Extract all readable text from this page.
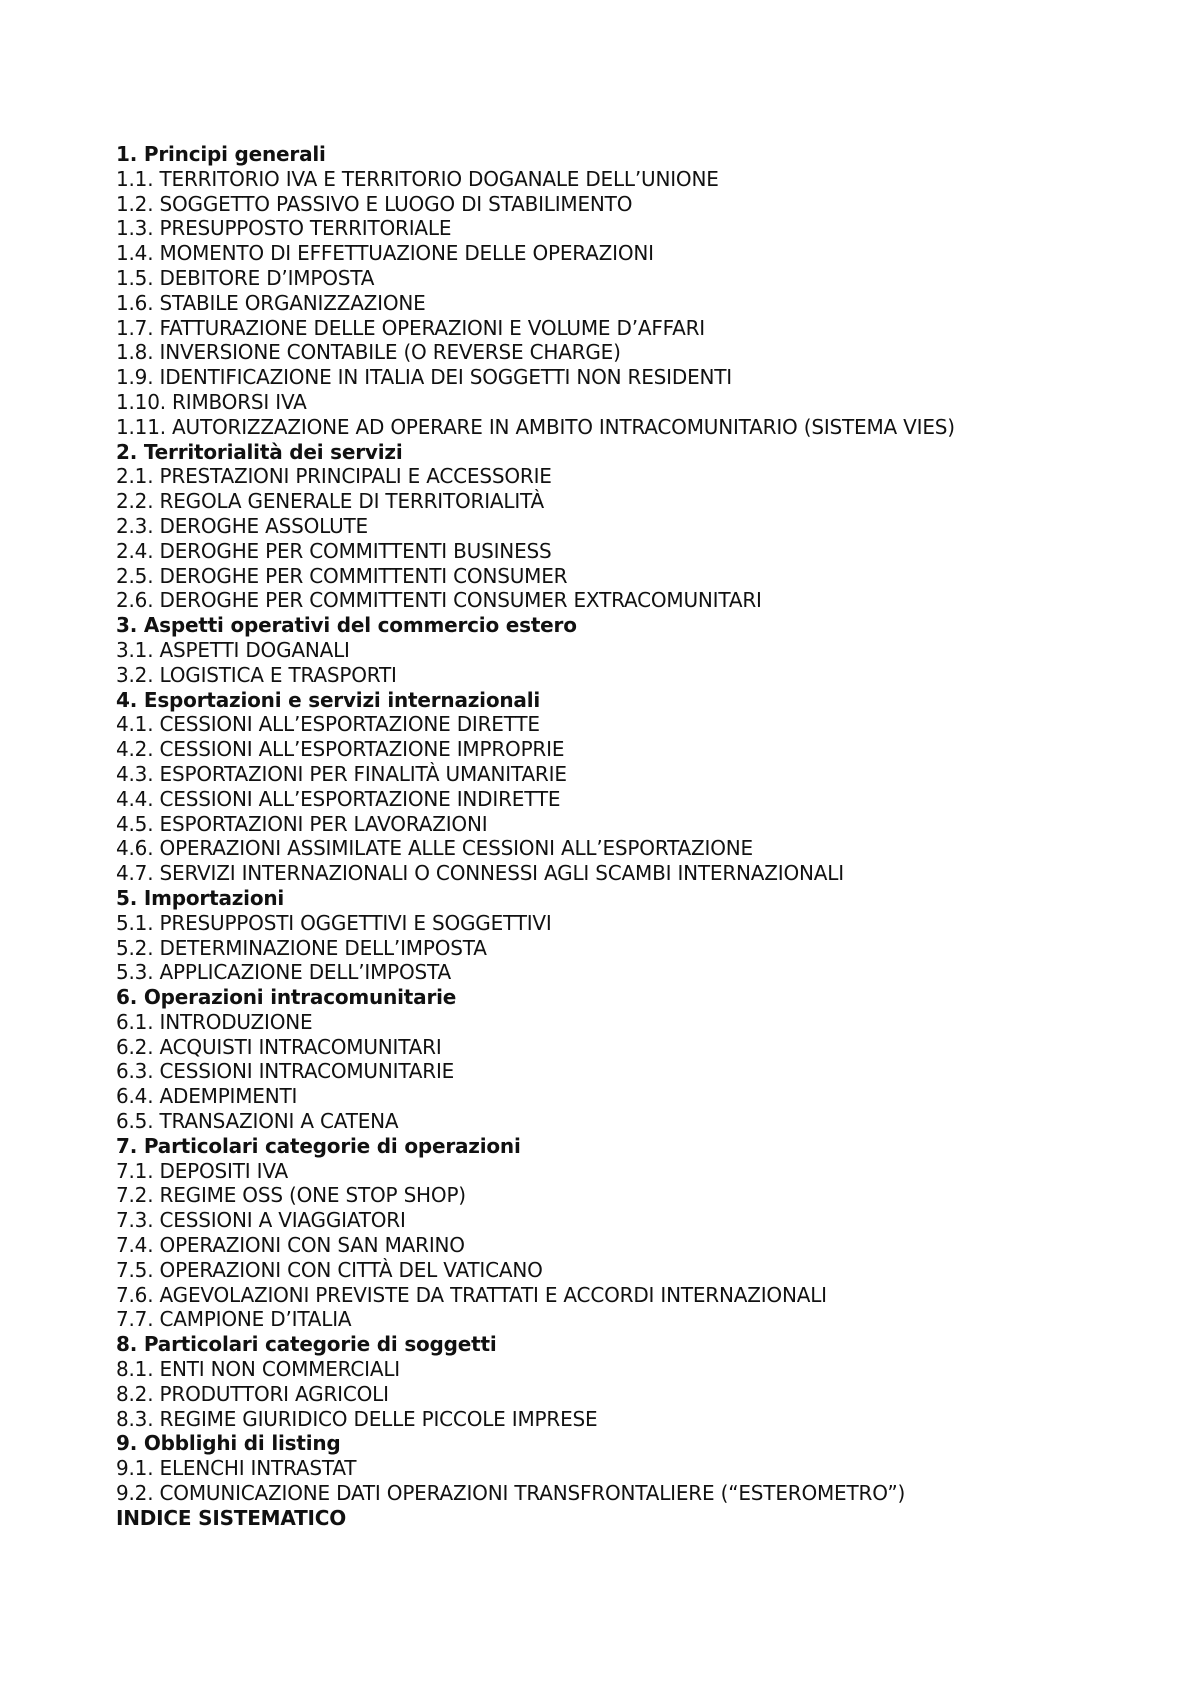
1. Principi generali
1.1. TERRITORIO IVA E TERRITORIO DOGANALE DELL’UNIONE
1.2. SOGGETTO PASSIVO E LUOGO DI STABILIMENTO
1.3. PRESUPPOSTO TERRITORIALE
1.4. MOMENTO DI EFFETTUAZIONE DELLE OPERAZIONI
1.5. DEBITORE D’IMPOSTA
1.6. STABILE ORGANIZZAZIONE
1.7. FATTURAZIONE DELLE OPERAZIONI E VOLUME D’AFFARI
1.8. INVERSIONE CONTABILE (O REVERSE CHARGE)
1.9. IDENTIFICAZIONE IN ITALIA DEI SOGGETTI NON RESIDENTI
1.10. RIMBORSI IVA
1.11. AUTORIZZAZIONE AD OPERARE IN AMBITO INTRACOMUNITARIO (SISTEMA VIES)
2. Territorialità dei servizi
2.1. PRESTAZIONI PRINCIPALI E ACCESSORIE
2.2. REGOLA GENERALE DI TERRITORIALITÀ
2.3. DEROGHE ASSOLUTE
2.4. DEROGHE PER COMMITTENTI BUSINESS
2.5. DEROGHE PER COMMITTENTI CONSUMER
2.6. DEROGHE PER COMMITTENTI CONSUMER EXTRACOMUNITARI
3. Aspetti operativi del commercio estero
3.1. ASPETTI DOGANALI
3.2. LOGISTICA E TRASPORTI
4. Esportazioni e servizi internazionali
4.1. CESSIONI ALL’ESPORTAZIONE DIRETTE
4.2. CESSIONI ALL’ESPORTAZIONE IMPROPRIE
4.3. ESPORTAZIONI PER FINALITÀ UMANITARIE
4.4. CESSIONI ALL’ESPORTAZIONE INDIRETTE
4.5. ESPORTAZIONI PER LAVORAZIONI
4.6. OPERAZIONI ASSIMILATE ALLE CESSIONI ALL’ESPORTAZIONE
4.7. SERVIZI INTERNAZIONALI O CONNESSI AGLI SCAMBI INTERNAZIONALI
5. Importazioni
5.1. PRESUPPOSTI OGGETTIVI E SOGGETTIVI
5.2. DETERMINAZIONE DELL’IMPOSTA
5.3. APPLICAZIONE DELL’IMPOSTA
6. Operazioni intracomunitarie
6.1. INTRODUZIONE
6.2. ACQUISTI INTRACOMUNITARI
6.3. CESSIONI INTRACOMUNITARIE
6.4. ADEMPIMENTI
6.5. TRANSAZIONI A CATENA
7. Particolari categorie di operazioni
7.1. DEPOSITI IVA
7.2. REGIME OSS (ONE STOP SHOP)
7.3. CESSIONI A VIAGGIATORI
7.4. OPERAZIONI CON SAN MARINO
7.5. OPERAZIONI CON CITTÀ DEL VATICANO
7.6. AGEVOLAZIONI PREVISTE DA TRATTATI E ACCORDI INTERNAZIONALI
7.7. CAMPIONE D’ITALIA
8. Particolari categorie di soggetti
8.1. ENTI NON COMMERCIALI
8.2. PRODUTTORI AGRICOLI
8.3. REGIME GIURIDICO DELLE PICCOLE IMPRESE
9. Obblighi di listing
9.1. ELENCHI INTRASTAT
9.2. COMUNICAZIONE DATI OPERAZIONI TRANSFRONTALIERE (“ESTEROMETRO”)
INDICE SISTEMATICO
